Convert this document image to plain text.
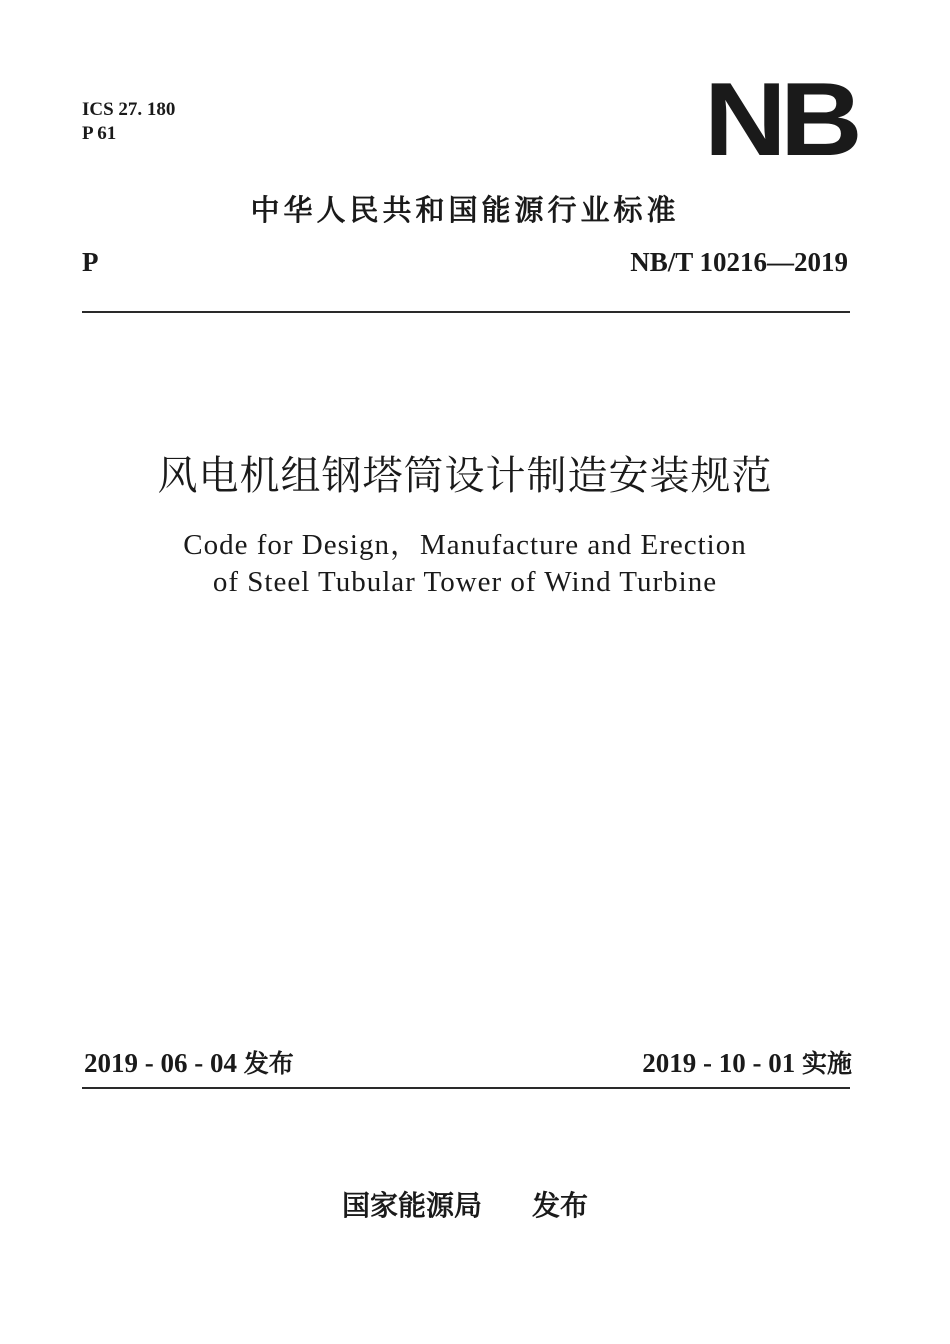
ICS 27. 180
P 61	NB
中华人民共和国能源行业标准
P	NB/T 10216—2019
风电机组钢塔筒设计制造安装规范
Code for Design，Manufacture and Erection
of Steel Tubular Tower of Wind Turbine
2019 - 06 - 04 发布	2019 - 10 - 01 实施
国家能源局 发布
